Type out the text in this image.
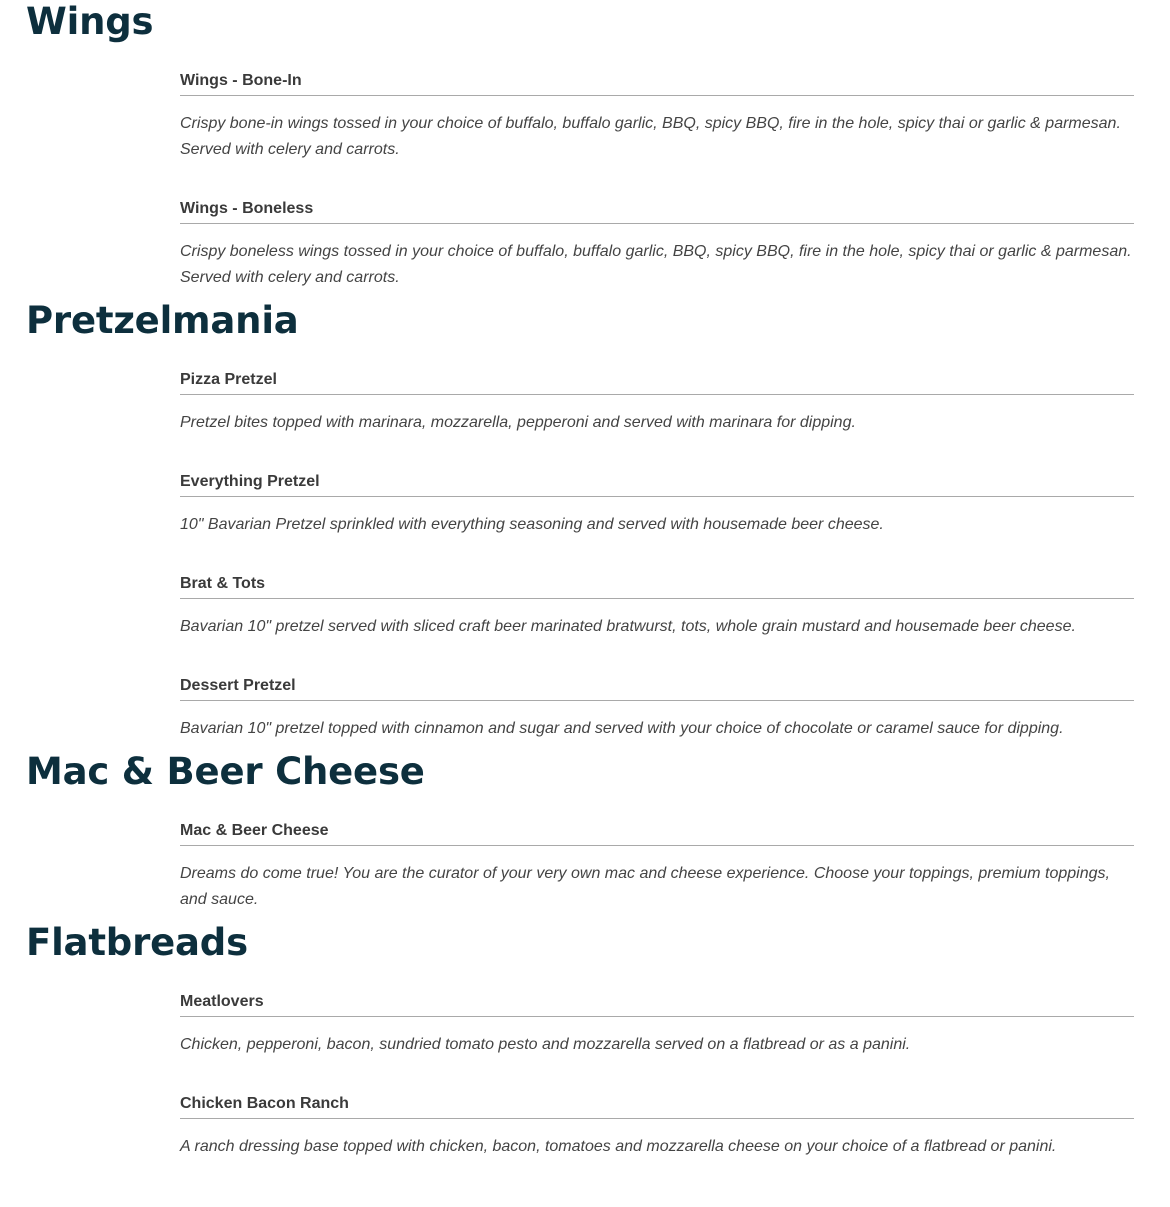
Wings
Wings - Bone-In

Crispy bone-in wings tossed in your choice of buffalo, buffalo garlic, BBQ, spicy BBQ, fire in the hole, spicy thai or garlic & parmesan. Served with celery and carrots.

Wings - Boneless

Crispy boneless wings tossed in your choice of buffalo, buffalo garlic, BBQ, spicy BBQ, fire in the hole, spicy thai or garlic & parmesan. Served with celery and carrots.

Pretzelmania
Pizza Pretzel

Pretzel bites topped with marinara, mozzarella, pepperoni and served with marinara for dipping.

Everything Pretzel

10" Bavarian Pretzel sprinkled with everything seasoning and served with housemade beer cheese.

Brat & Tots

Bavarian 10" pretzel served with sliced craft beer marinated bratwurst, tots, whole grain mustard and housemade beer cheese.

Dessert Pretzel

Bavarian 10" pretzel topped with cinnamon and sugar and served with your choice of chocolate or caramel sauce for dipping.

Mac & Beer Cheese
Mac & Beer Cheese

Dreams do come true! You are the curator of your very own mac and cheese experience. Choose your toppings, premium toppings, and sauce.

Flatbreads
Meatlovers

Chicken, pepperoni, bacon, sundried tomato pesto and mozzarella served on a flatbread or as a panini.

Chicken Bacon Ranch

A ranch dressing base topped with chicken, bacon, tomatoes and mozzarella cheese on your choice of a flatbread or panini.
